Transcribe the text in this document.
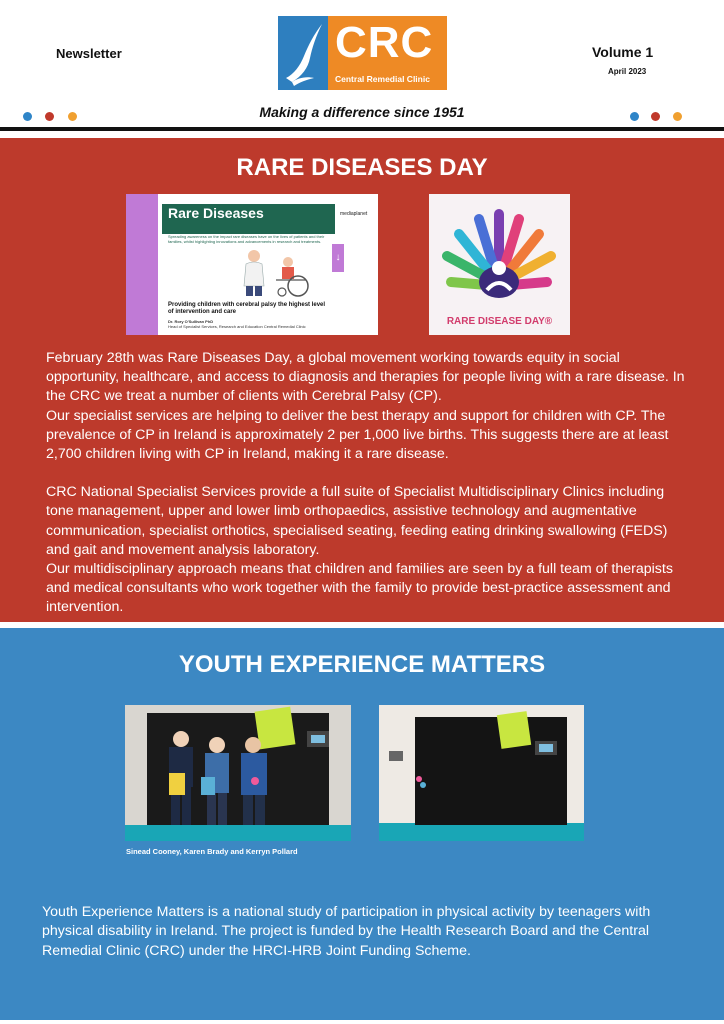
Newsletter	CRC
Central Remedial Clinic
Volume 1
April 2023
Making a difference since 1951
RARE DISEASES DAY
Rare Diseases
Spreading awareness on the impact rare diseases have on the lives of patients and their families, whilst highlighting innovations and advancements in research and treatments.
mediaplanet
↓
Providing children with cerebral palsy the highest level of intervention and care
Dr. Rory O'Sullivan PhD
Head of Specialist Services, Research and Education Central Remedial Clinic	RARE DISEASE DAY®

February 28th was Rare Diseases Day, a global movement working towards equity in social opportunity, healthcare, and access to diagnosis and therapies for people living with a rare disease. In the CRC we treat a number of clients with Cerebral Palsy (CP).

Our specialist services are helping to deliver the best therapy and support for children with CP. The prevalence of CP in Ireland is approximately 2 per 1,000 live births. This suggests there are at least 2,700 children living with CP in Ireland, making it a rare disease.

CRC National Specialist Services provide a full suite of Specialist Multidisciplinary Clinics including tone management, upper and lower limb orthopaedics, assistive technology and augmentative communication, specialist orthotics, specialised seating, feeding eating drinking swallowing (FEDS) and gait and movement analysis laboratory.

Our multidisciplinary approach means that children and families are seen by a full team of therapists and medical consultants who work together with the family to provide best-practice assessment and intervention.

YOUTH EXPERIENCE MATTERS
Sinead Cooney, Karen Brady and Kerryn Pollard
Youth Experience Matters is a national study of participation in physical activity by teenagers with physical disability in Ireland. The project is funded by the Health Research Board and the Central Remedial Clinic (CRC) under the HRCI-HRB Joint Funding Scheme.
